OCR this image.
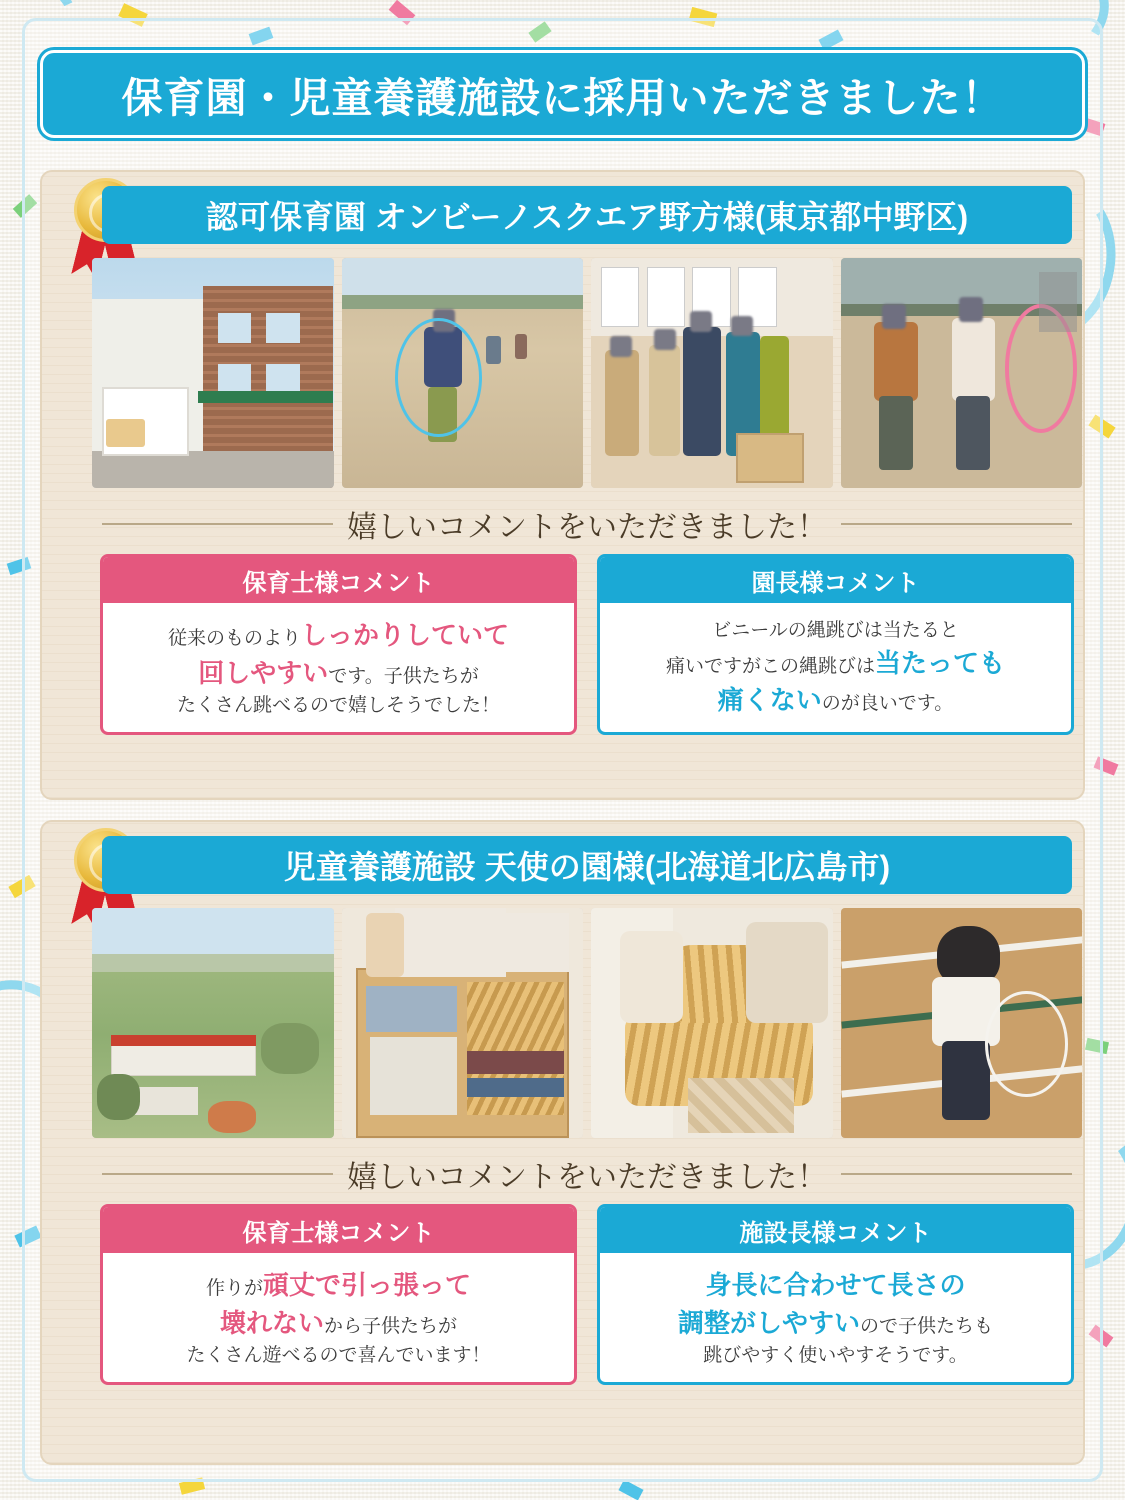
保育園・児童養護施設に採用いただきました！
認可保育園 オンビーノスクエア野方様(東京都中野区)
嬉しいコメントをいただきました！
保育士様コメント
従来のものよりしっかりしていて
回しやすいです。子供たちが
たくさん跳べるので嬉しそうでした！
園長様コメント
ビニールの縄跳びは当たると
痛いですがこの縄跳びは当たっても
痛くないのが良いです。
児童養護施設 天使の園様(北海道北広島市)
嬉しいコメントをいただきました！
保育士様コメント
作りが頑丈で引っ張って
壊れないから子供たちが
たくさん遊べるので喜んでいます！
施設長様コメント
身長に合わせて長さの
調整がしやすいので子供たちも
跳びやすく使いやすそうです。
